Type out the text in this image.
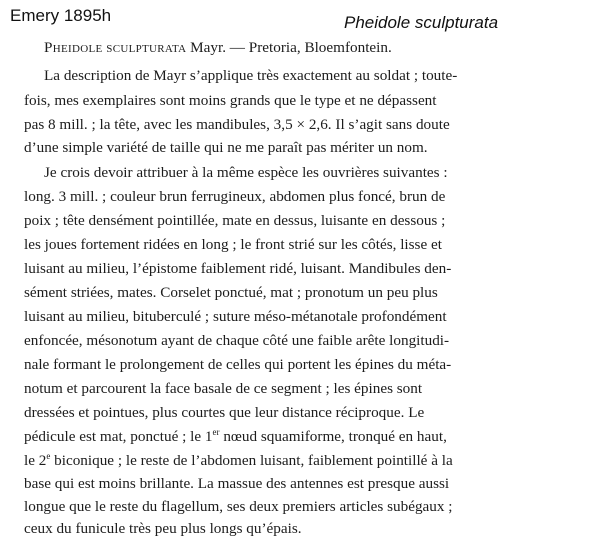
Emery 1895h	Pheidole sculpturata
Pheidole sculpturata Mayr. — Pretoria, Bloemfontein.
La description de Mayr s’applique très exactement au soldat ; toute-
fois, mes exemplaires sont moins grands que le type et ne dépassent
pas 8 mill. ; la tête, avec les mandibules, 3,5 × 2,6. Il s’agit sans doute
d’une simple variété de taille qui ne me paraît pas mériter un nom.
Je crois devoir attribuer à la même espèce les ouvrières suivantes :
long. 3 mill. ; couleur brun ferrugineux, abdomen plus foncé, brun de
poix ; tête densément pointillée, mate en dessus, luisante en dessous ;
les joues fortement ridées en long ; le front strié sur les côtés, lisse et
luisant au milieu, l’épistome faiblement ridé, luisant. Mandibules den-
sément striées, mates. Corselet ponctué, mat ; pronotum un peu plus
luisant au milieu, bituberculé ; suture méso-métanotale profondément
enfoncée, mésonotum ayant de chaque côté une faible arête longitudi-
nale formant le prolongement de celles qui portent les épines du méta-
notum et parcourent la face basale de ce segment ; les épines sont
dressées et pointues, plus courtes que leur distance réciproque. Le
pédicule est mat, ponctué ; le 1er nœud squamiforme, tronqué en haut,
le 2e biconique ; le reste de l’abdomen luisant, faiblement pointillé à la
base qui est moins brillante. La massue des antennes est presque aussi
longue que le reste du flagellum, ses deux premiers articles subégaux ;
ceux du funicule très peu plus longs qu’épais.
